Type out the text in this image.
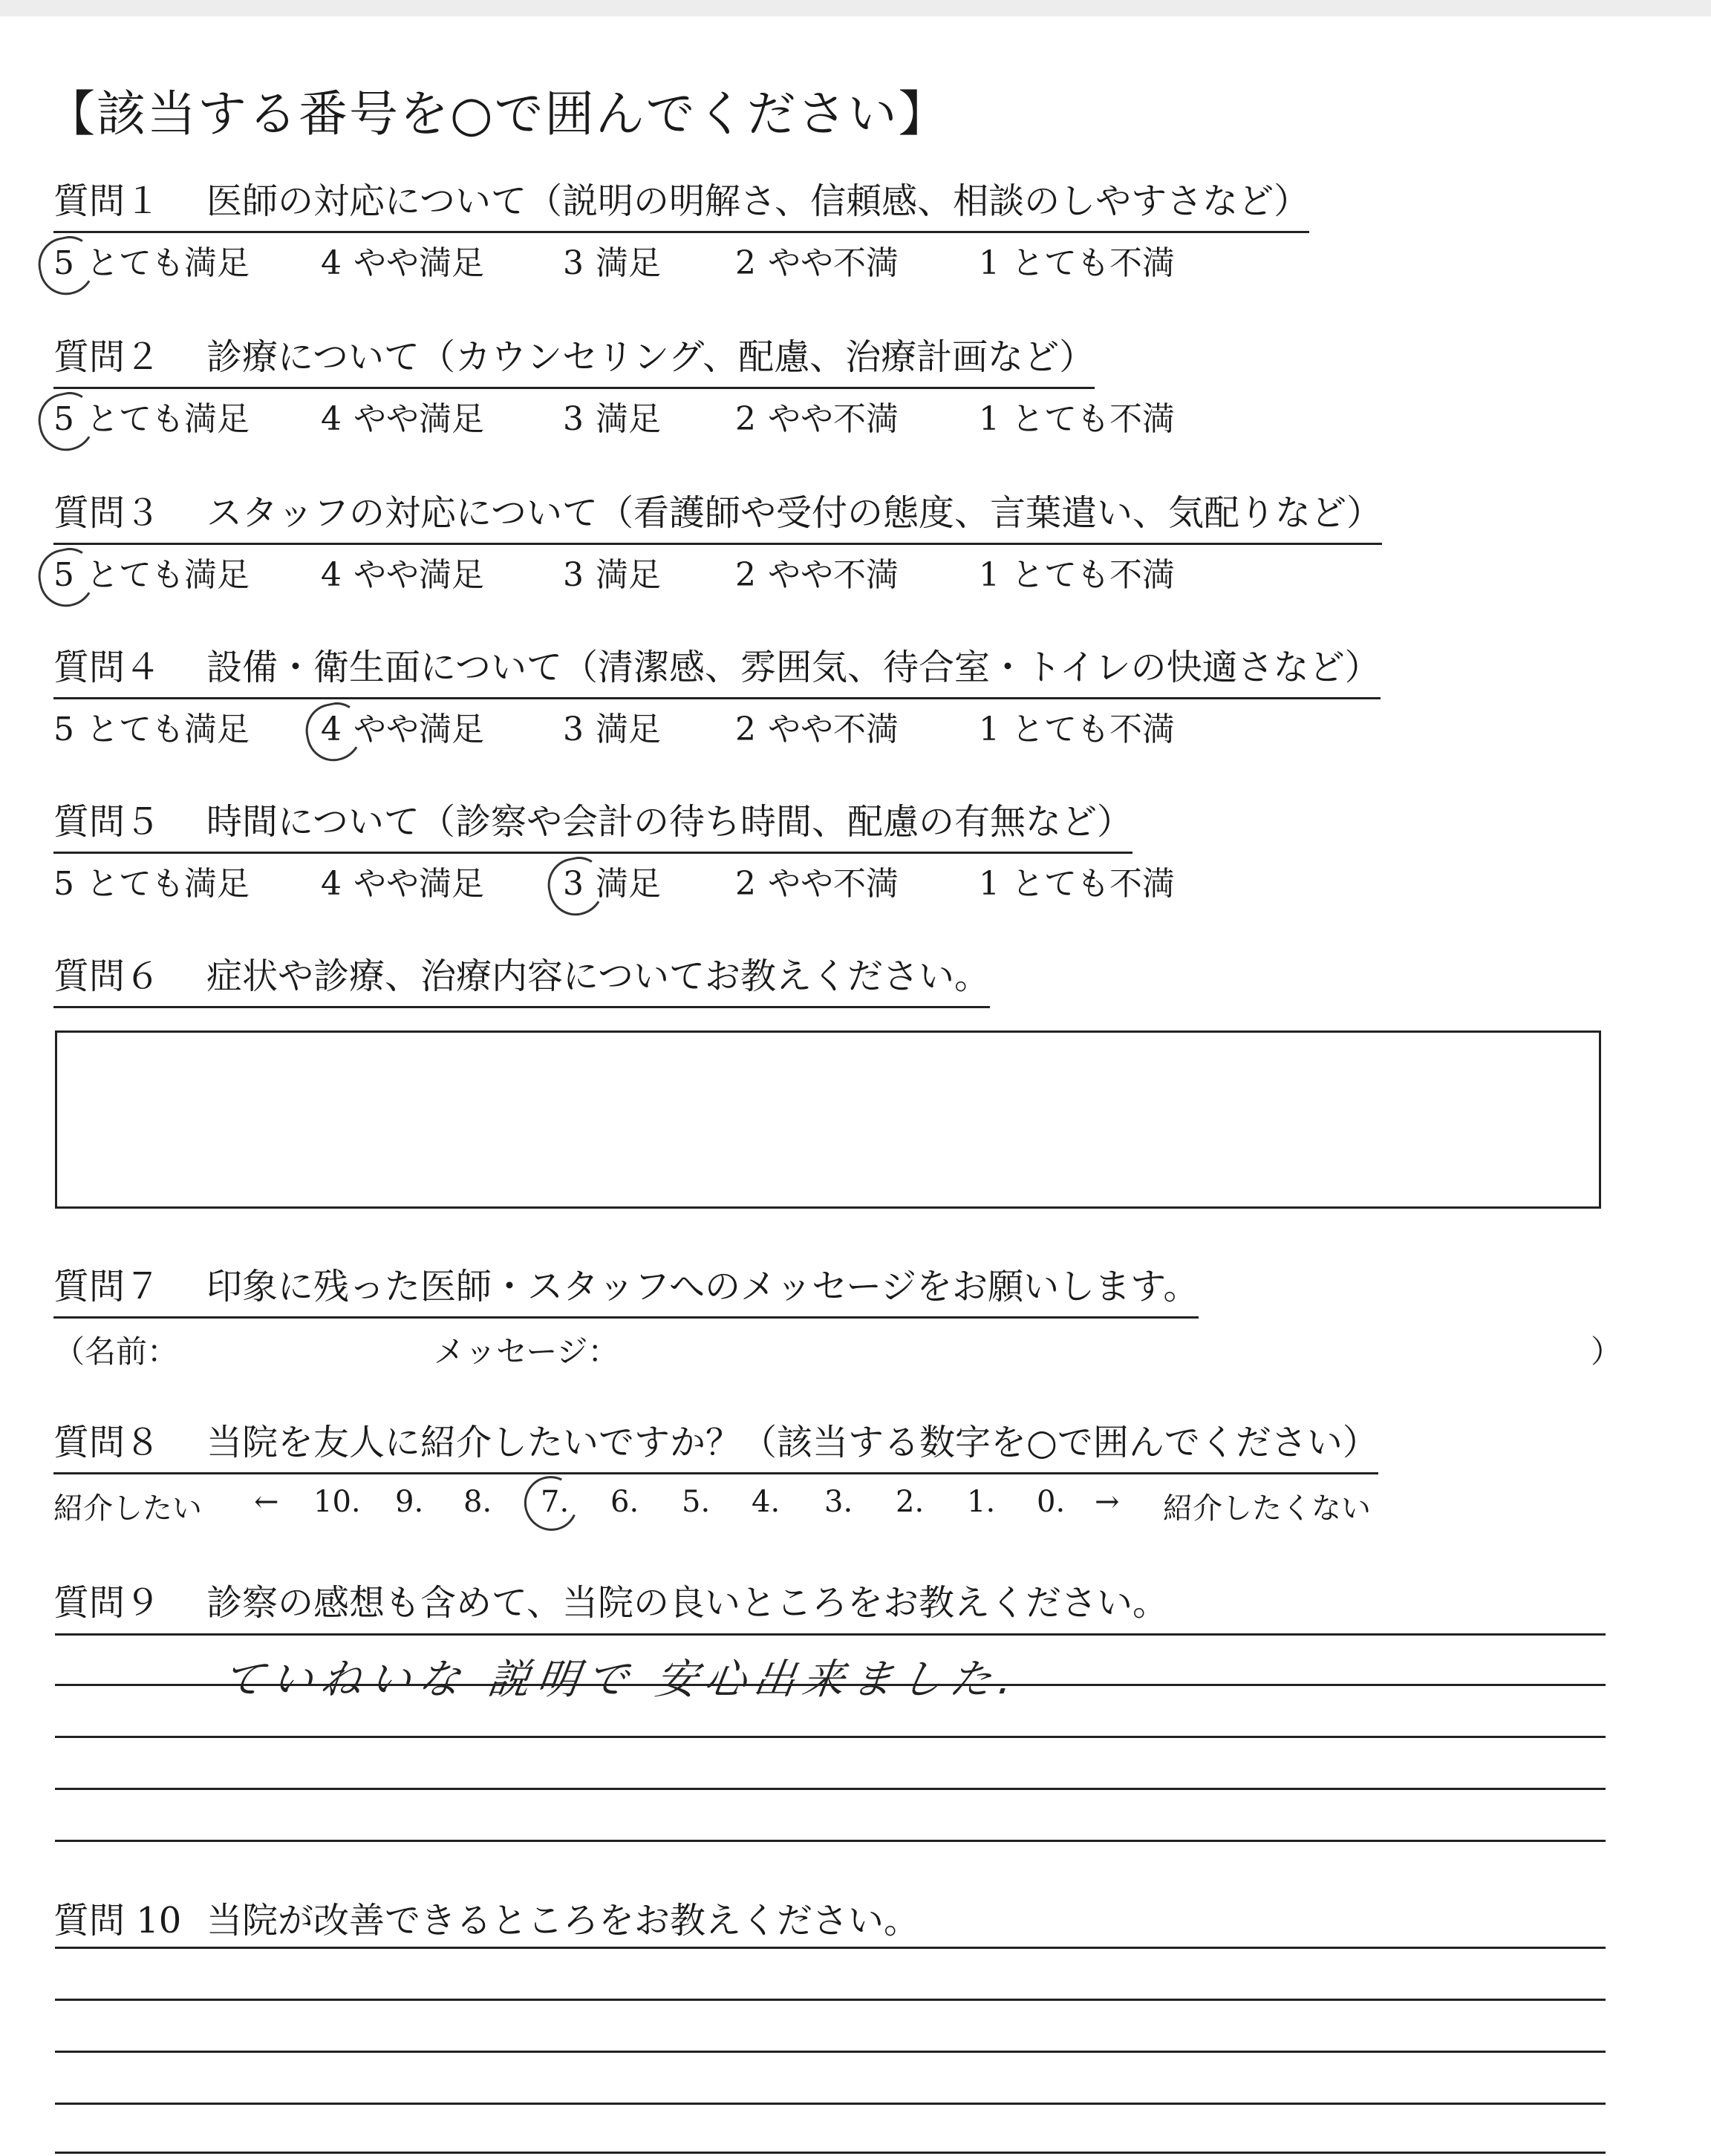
【該当する番号を○で囲んでください】
質問１ 医師の対応について（説明の明解さ、信頼感、相談のしやすさなど）
5 とても満足 4 やや満足 3 満足 2 やや不満 1 とても不満
質問２ 診療について（カウンセリング、配慮、治療計画など）
5 とても満足 4 やや満足 3 満足 2 やや不満 1 とても不満
質問３ スタッフの対応について（看護師や受付の態度、言葉遣い、気配りなど）
5 とても満足 4 やや満足 3 満足 2 やや不満 1 とても不満
質問４ 設備・衛生面について（清潔感、雰囲気、待合室・トイレの快適さなど）
5 とても満足 4 やや満足 3 満足 2 やや不満 1 とても不満
質問５ 時間について（診察や会計の待ち時間、配慮の有無など）
5 とても満足 4 やや満足 3 満足 2 やや不満 1 とても不満
質問６ 症状や診療、治療内容についてお教えください。
質問７ 印象に残った医師・スタッフへのメッセージをお願いします。
（名前：	メッセージ：	）
質問８ 当院を友人に紹介したいですか？（該当する数字を○で囲んでください）
紹介したい ←	→ 紹介したくない
10. 9. 8. 7. 6. 5. 4. 3. 2. 1. 0.
質問９ 診察の感想も含めて、当院の良いところをお教えください。
ていねいな 説明で 安心出来ました.
質問 10 当院が改善できるところをお教えください。
